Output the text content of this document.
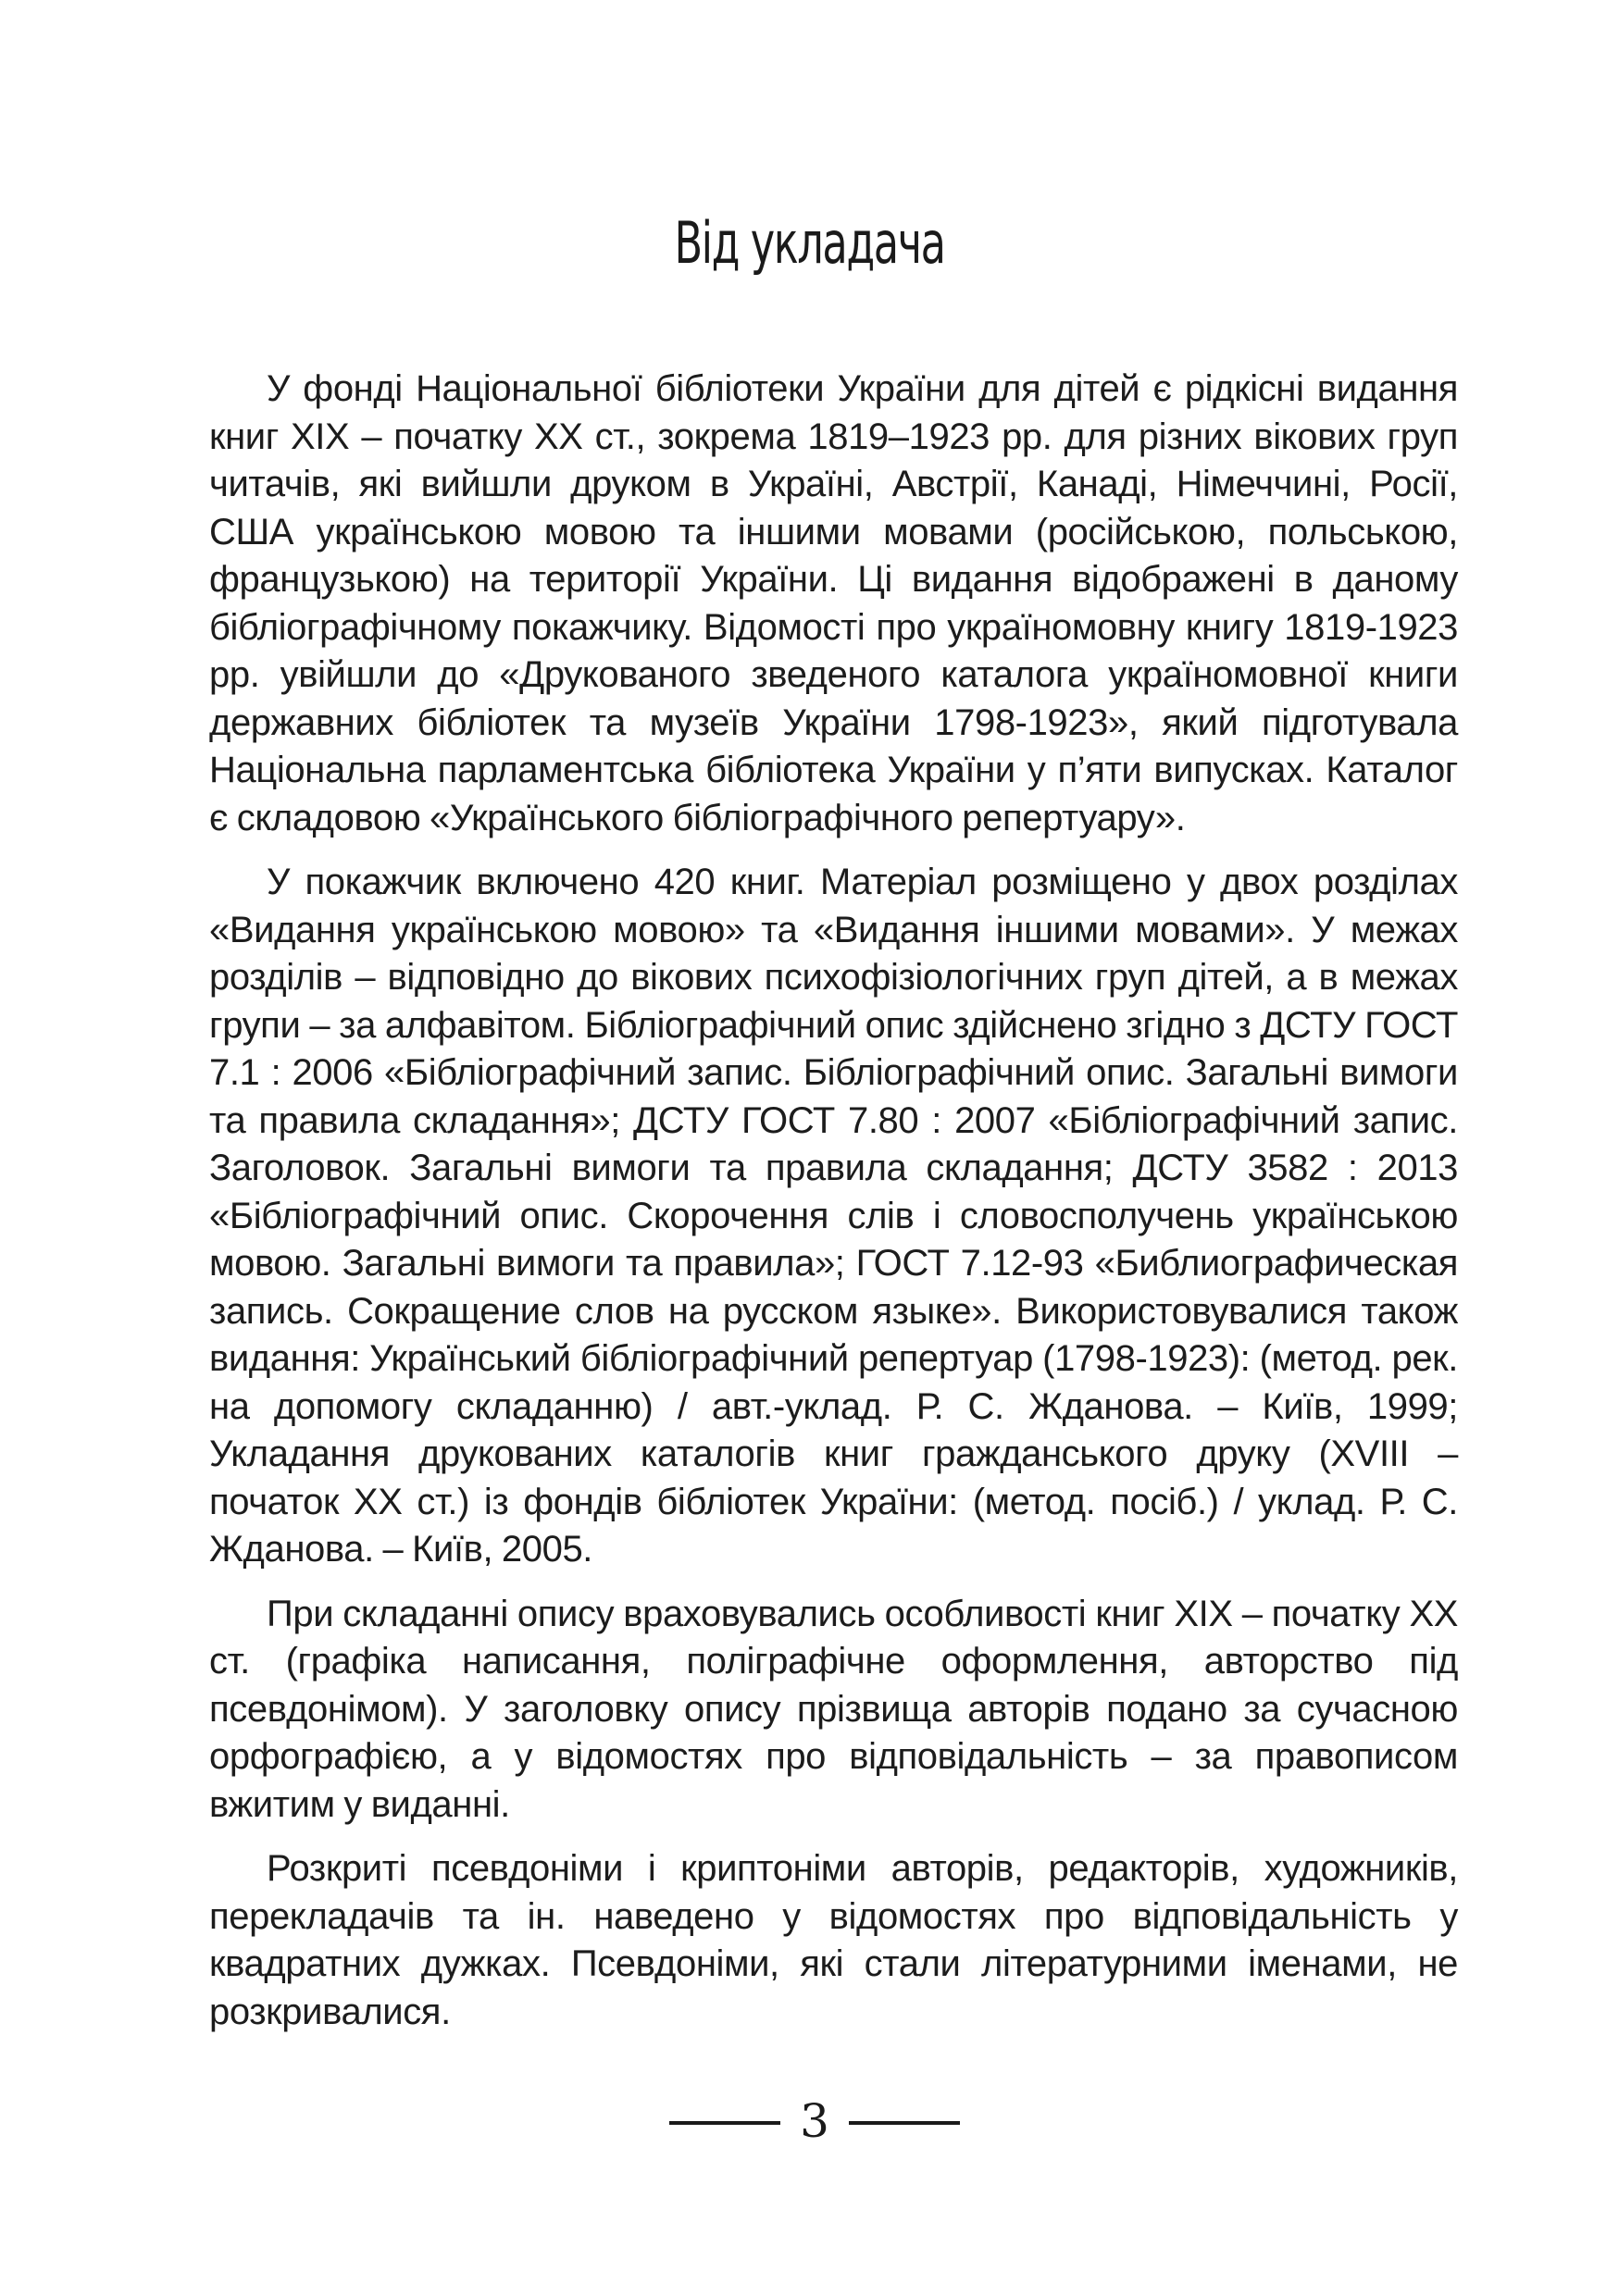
Від укладача

У фонді Національної бібліотеки України для дітей є рідкісні видання книг XIX – початку XX ст., зокрема 1819–1923 рр. для різних вікових груп читачів, які вийшли друком в Україні, Австрії, Канаді, Німеччині, Росії, США українською мовою та іншими мовами (російською, польською, французькою) на території України. Ці видання відображені в даному бібліографічному покажчику. Відомості про україномовну книгу 1819-1923 рр. увійшли до «Друкованого зведеного каталога україномовної книги державних бібліотек та музеїв України 1798-1923», який підготувала Національна парламентська бібліотека України у п’яти випусках. Каталог є складовою «Українського бібліографічного репертуару».

У покажчик включено 420 книг. Матеріал розміщено у двох розділах «Видання українською мовою» та «Видання іншими мовами». У межах розділів – відповідно до вікових психофізіологічних груп дітей, а в межах групи – за алфавітом. Бібліографічний опис здійснено згідно з ДСТУ ГОСТ 7.1 : 2006 «Бібліографічний запис. Бібліографічний опис. Загальні вимоги та правила складання»; ДСТУ ГОСТ 7.80 : 2007 «Бібліографічний запис. Заголовок. Загальні вимоги та правила складання; ДСТУ 3582 : 2013 «Бібліографічний опис. Скорочення слів і словосполучень українською мовою. Загальні вимоги та правила»; ГОСТ 7.12-93 «Библиографическая запись. Сокращение слов на русском языке». Використовувалися також видання: Український бібліографічний репертуар (1798-1923): (метод. рек. на допомогу складанню) / авт.-уклад. Р. С. Жданова. – Київ, 1999; Укладання друкованих каталогів книг гражданського друку (XVIII – початок XX ст.) із фондів бібліотек України: (метод. посіб.) / уклад. Р. С. Жданова. – Київ, 2005.

При складанні опису враховувались особливості книг XIX – початку XX ст. (графіка написання, поліграфічне оформлення, авторство під псевдонімом). У заголовку опису прізвища авторів подано за сучасною орфографією, а у відомостях про відповідальність – за правописом вжитим у виданні.

Розкриті псевдоніми і криптоніми авторів, редакторів, художників, перекладачів та ін. наведено у відомостях про відповідальність у квадратних дужках. Псевдоніми, які стали літературними іменами, не розкривалися.

3
